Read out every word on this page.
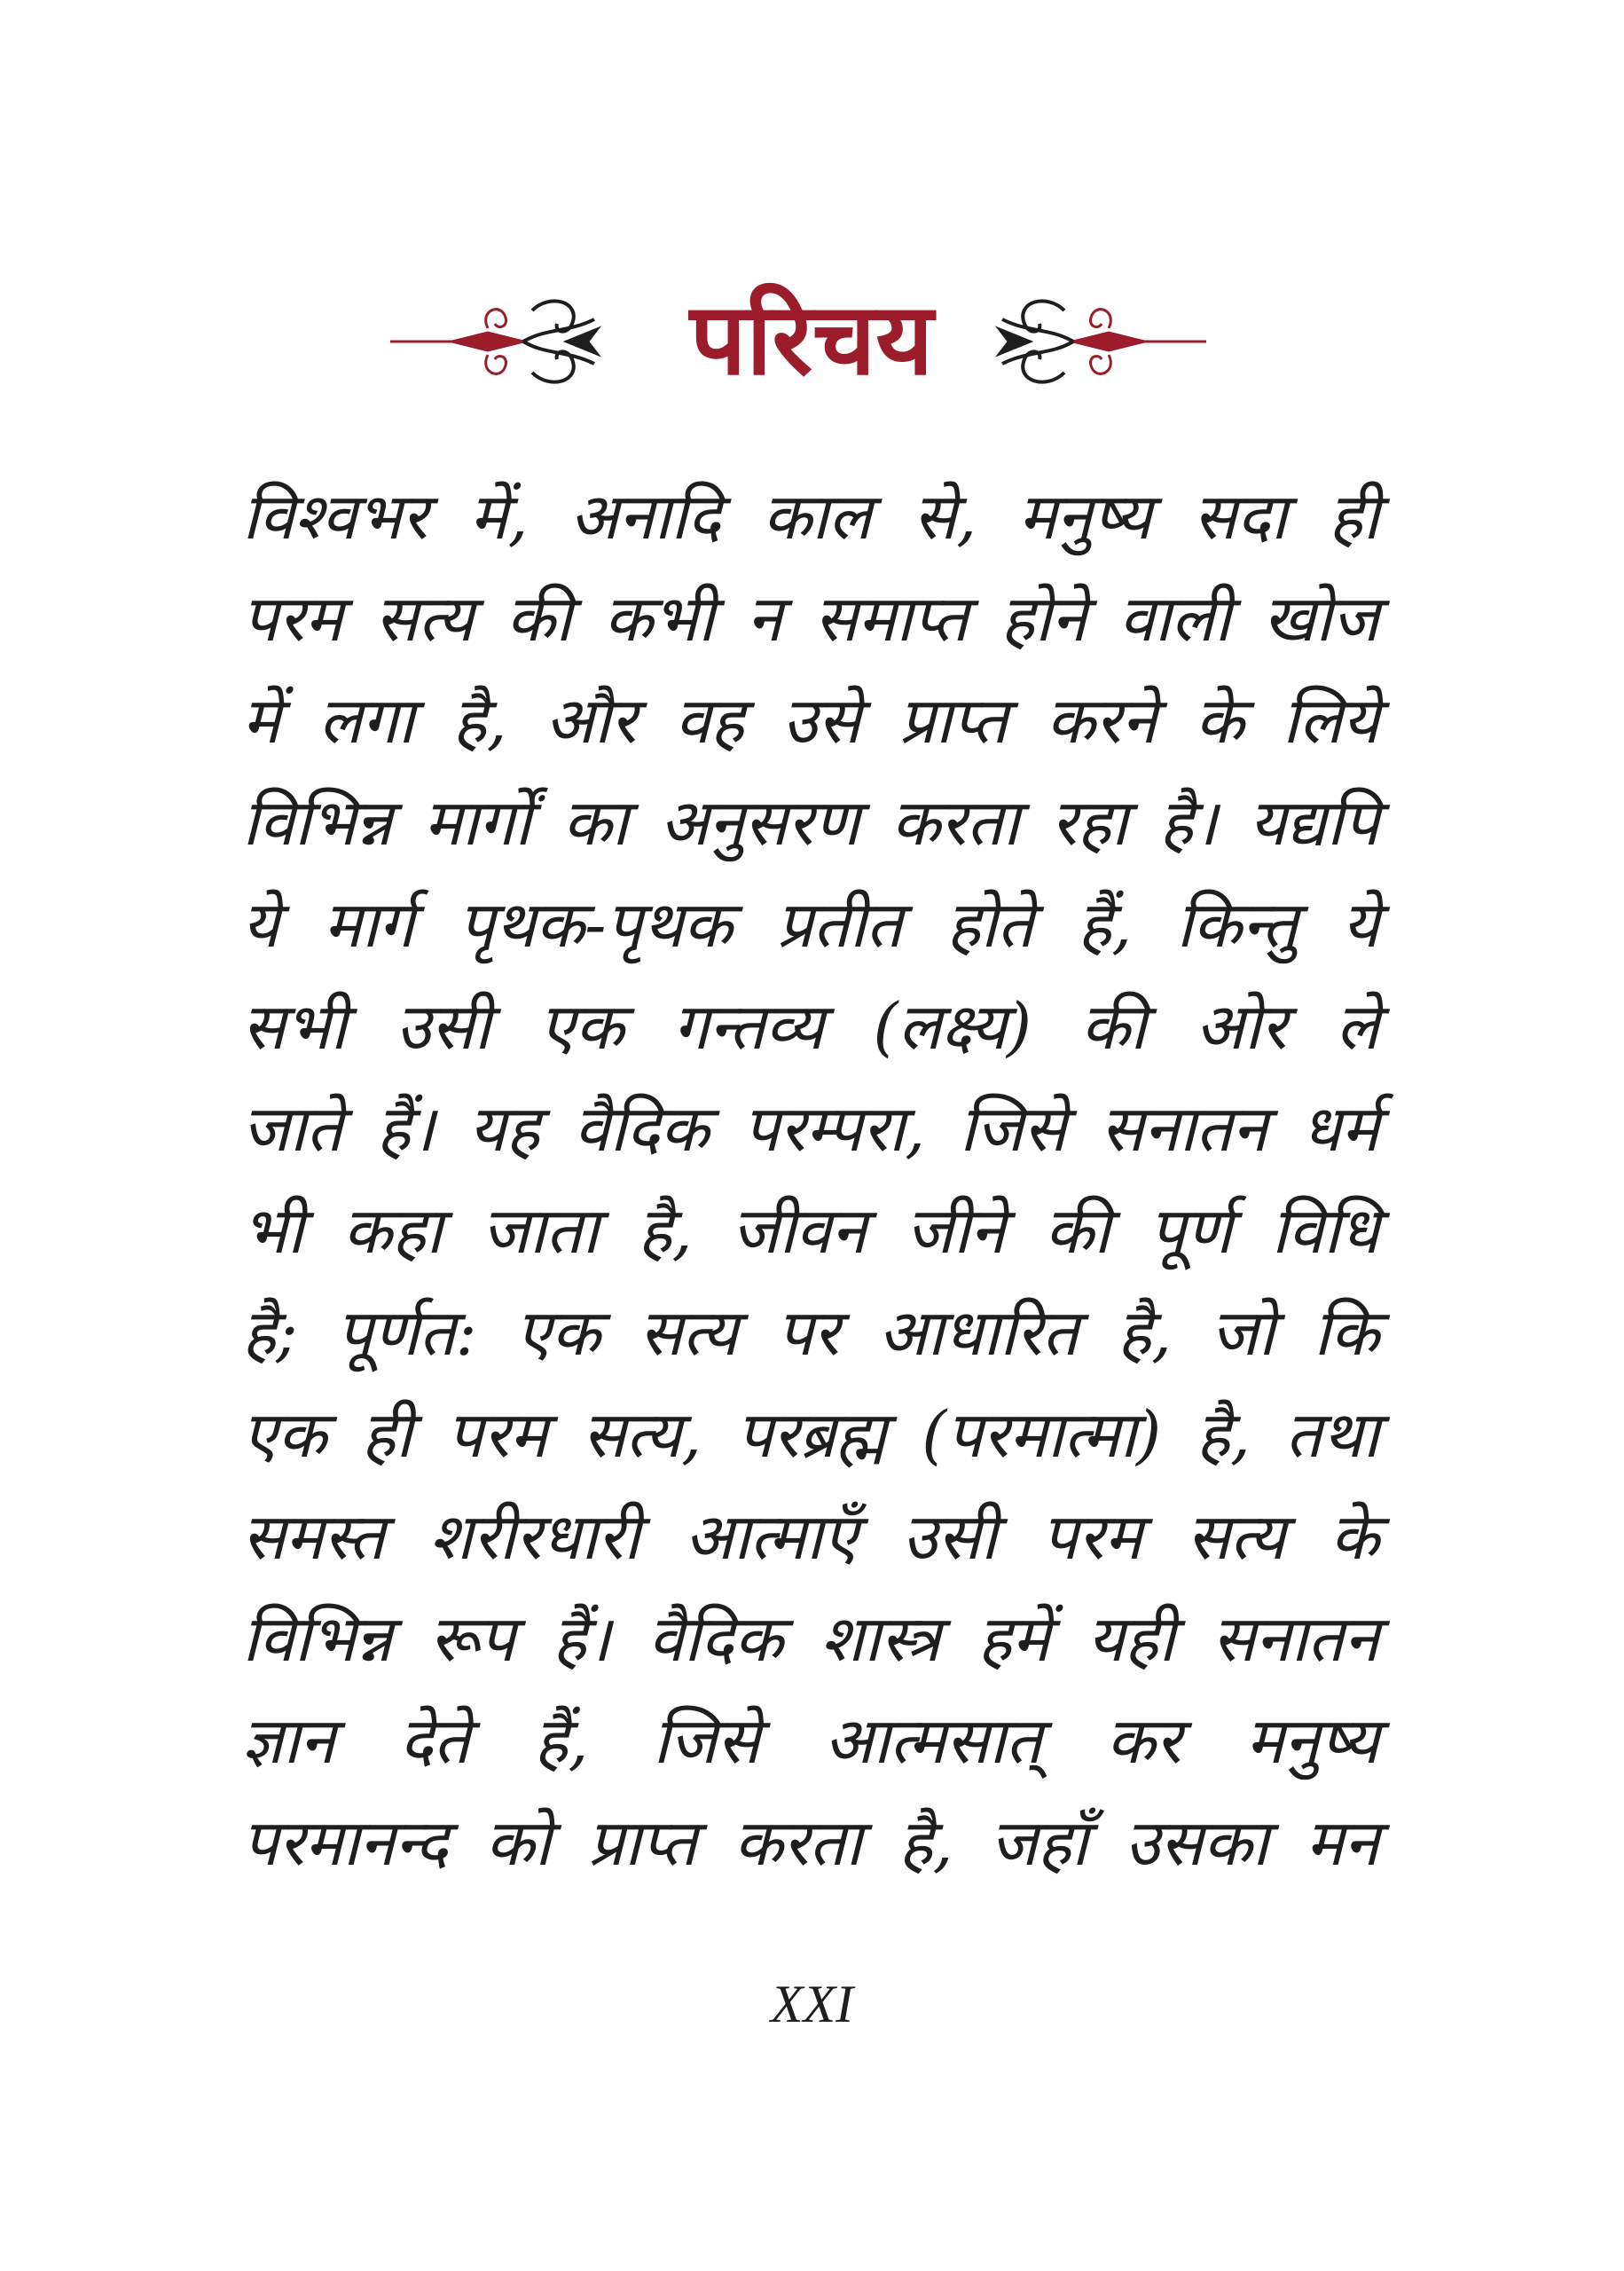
परिचय
विश्वभर में, अनादि काल से, मनुष्य सदा ही
परम सत्य की कभी न समाप्त होने वाली खोज
में लगा है, और वह उसे प्राप्त करने के लिये
विभिन्न मार्गों का अनुसरण करता रहा है। यद्यपि
ये मार्ग पृथक-पृथक प्रतीत होते हैं, किन्तु ये
सभी उसी एक गन्तव्य (लक्ष्य) की ओर ले
जाते हैं। यह वैदिक परम्परा, जिसे सनातन धर्म
भी कहा जाता है, जीवन जीने की पूर्ण विधि
है; पूर्णत: एक सत्य पर आधारित है, जो कि
एक ही परम सत्य, परब्रह्म (परमात्मा) है, तथा
समस्त शरीरधारी आत्माएँ उसी परम सत्य के
विभिन्न रूप हैं। वैदिक शास्त्र हमें यही सनातन
ज्ञान देते हैं, जिसे आत्मसात् कर मनुष्य
परमानन्द को प्राप्त करता है, जहाँ उसका मन
XXI
